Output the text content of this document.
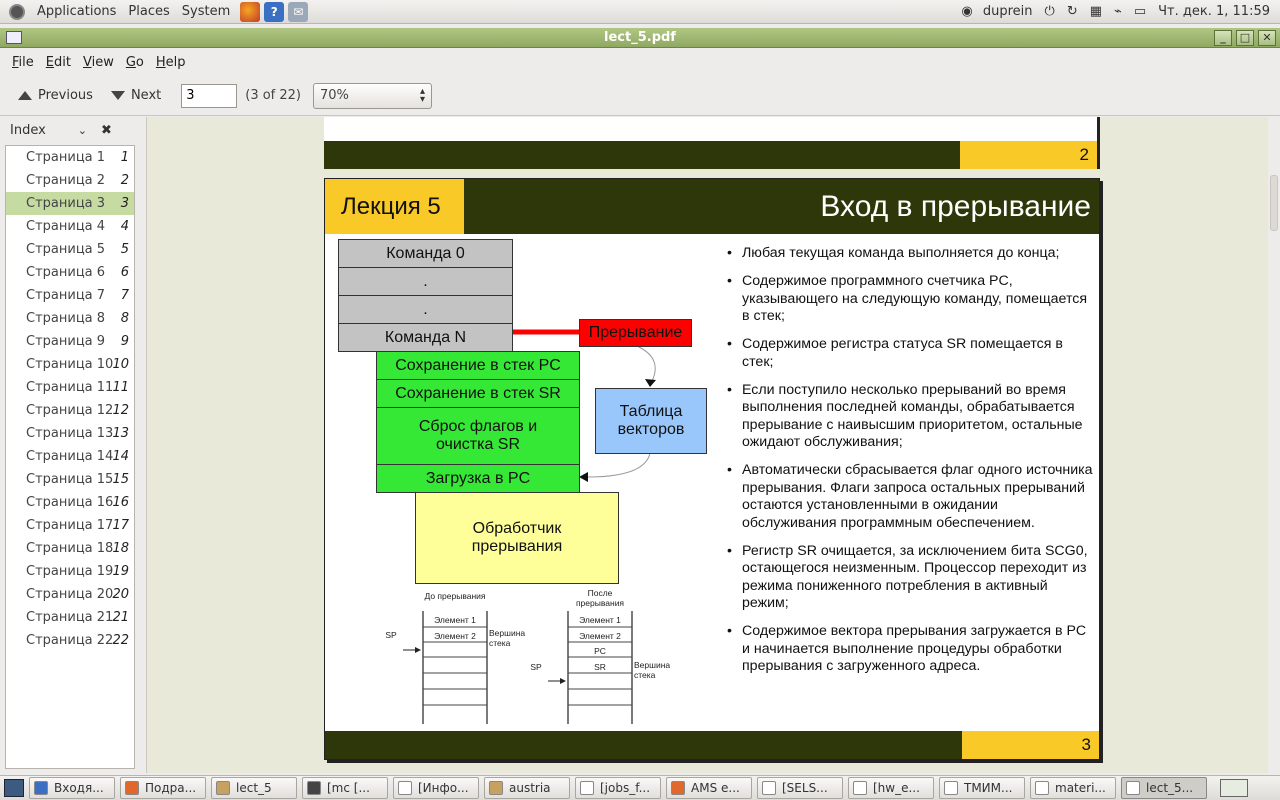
Applications Places System	?	✉	◉ duprein ⏻ ↻ ▦ ⌁ ▭ Чт. дек. 1, 11:59
lect_5.pdf	_	□	✕
File Edit View Go Help
Previous	Next
3	(3 of 22) 70%	▴
▾
Index	⌄ ✖
Страница 1 1
Страница 2 2
Страница 3 3
Страница 4 4
Страница 5 5
Страница 6 6
Страница 7 7
Страница 8 8
Страница 9 9
Страница 10 10
Страница 11 11
Страница 12 12
Страница 13 13
Страница 14 14
Страница 15 15
Страница 16 16
Страница 17 17
Страница 18 18
Страница 19 19
Страница 20 20
Страница 21 21
Страница 22 22
2
Лекция 5	Вход в прерывание
Команда 0
.
.
Команда N	Прерывание
Сохранение в стек PC
Сохранение в стек SR
Сброс флагов и очистка SR
Загрузка в PC
Таблица векторов
Обработчик прерывания
До прерывания	После прерывания
Элемент 1
Элемент 2
SP	Вершина стека
Элемент 1
Элемент 2
PC
SR
SP	Вершина стека
• Любая текущая команда выполняется до конца;
• Содержимое программного счетчика PC, указывающего на следующую команду, помещается в стек;
• Содержимое регистра статуса SR помещается в стек;
• Если поступило несколько прерываний во время выполнения последней команды, обрабатывается прерывание с наивысшим приоритетом, остальные ожидают обслуживания;
• Автоматически сбрасывается флаг одного источника прерывания. Флаги запроса остальных прерываний остаются установленными в ожидании обслуживания программным обеспечением.
• Регистр SR очищается, за исключением бита SCG0, остающегося неизменным. Процессор переходит из режима пониженного потребления в активный режим;
• Содержимое вектора прерывания загружается в PC и начинается выполнение процедуры обработки прерывания с загруженного адреса.
3
Входя...	Подра...	lect_5	[mc [...	[Инфо...	austria	[jobs_f...	AMS e...	[SELS...	[hw_e...	ТМИМ...	materi...	lect_5...
